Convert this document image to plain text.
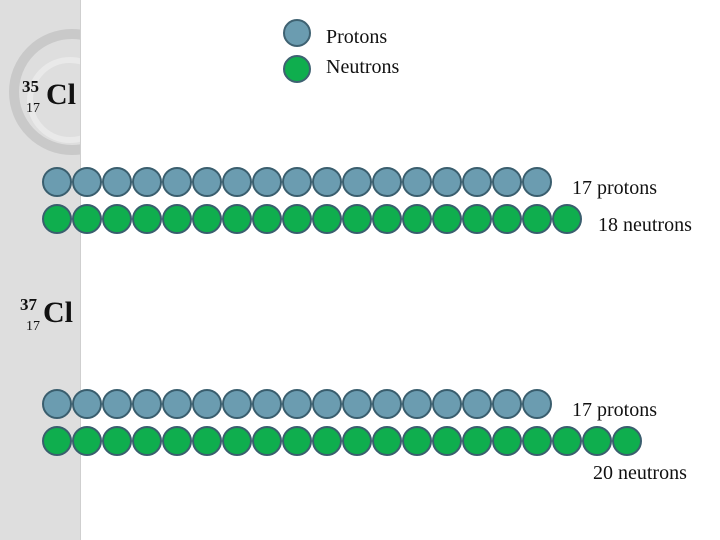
35
17 Cl
37
17 Cl
Protons
Neutrons
17 protons
18 neutrons
17 protons
20 neutrons
